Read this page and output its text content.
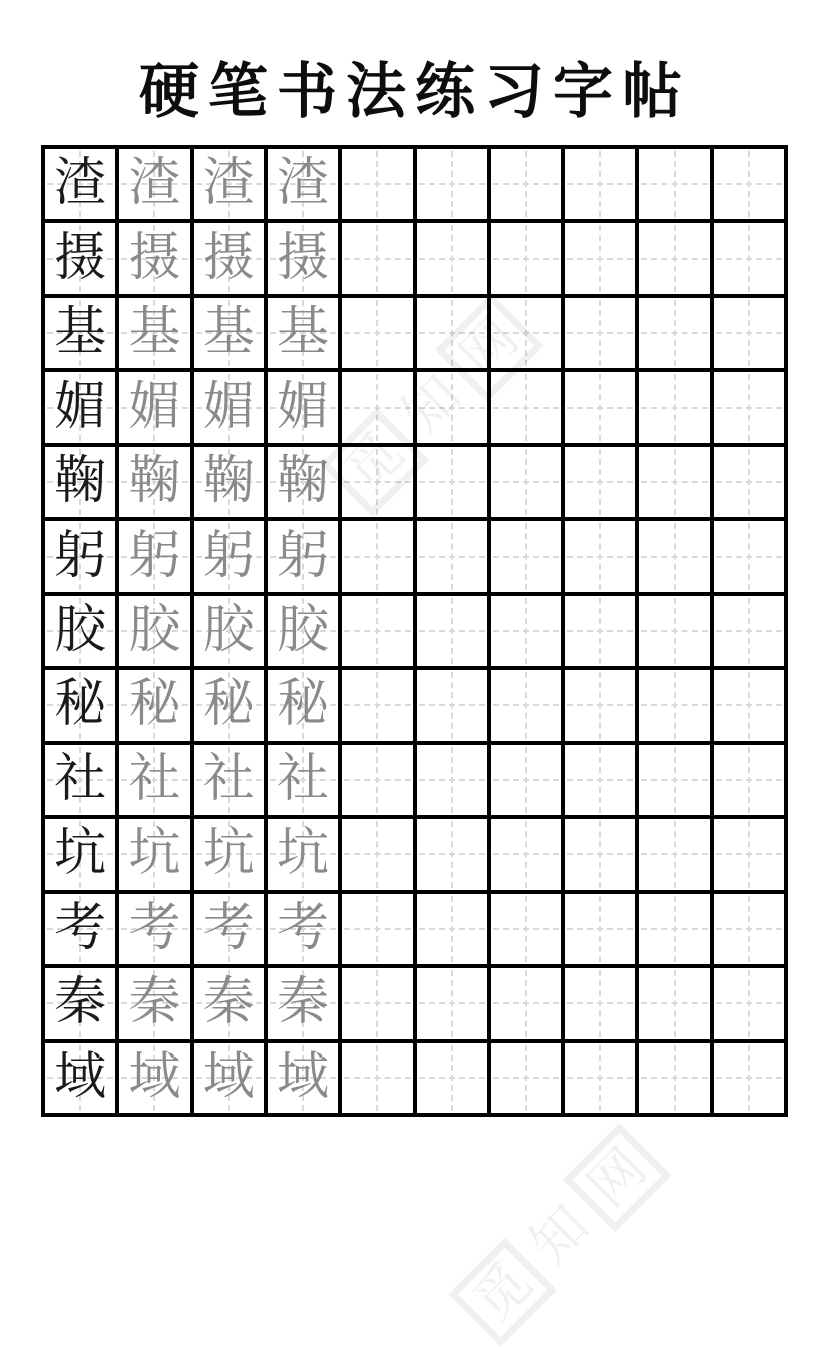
硬笔书法练习字帖
渣 渣 渣 渣
摄 摄 摄 摄
基 基 基 基
媚 媚 媚 媚
鞠 鞠 鞠 鞠
躬 躬 躬 躬
胶 胶 胶 胶
秘 秘 秘 秘
社 社 社 社
坑 坑 坑 坑
考 考 考 考
秦 秦 秦 秦
域 域 域 域
觅
知
网
